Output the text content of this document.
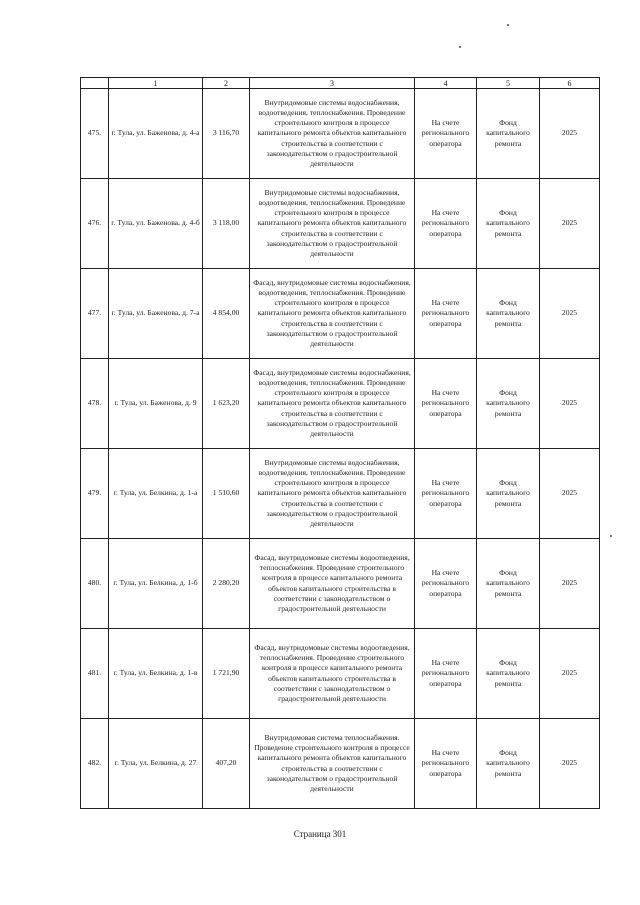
	1	2	3	4	5	6
475.	г. Тула, ул. Баженова, д. 4-а	3 116,70	Внутридомовые системы водоснабжения, водоотведения, теплоснабжения. Проведение строительного контроля в процессе капитального ремонта объектов капитального строительства в соответствии с законодательством о градостроительной деятельности	На счете регионального оператора	Фонд капитального ремонта	2025
476.	г. Тула, ул. Баженова, д. 4-б	3 118,00	Внутридомовые системы водоснабжения, водоотведения, теплоснабжения. Проведение строительного контроля в процессе капитального ремонта объектов капитального строительства в соответствии с законодательством о градостроительной деятельности	На счете регионального оператора	Фонд капитального ремонта	2025
477.	г. Тула, ул. Баженова, д. 7-а	4 854,00	Фасад, внутридомовые системы водоснабжения, водоотведения, теплоснабжения. Проведение строительного контроля в процессе капитального ремонта объектов капитального строительства в соответствии с законодательством о градостроительной деятельности	На счете регионального оператора	Фонд капитального ремонта	2025
478.	г. Тула, ул. Баженова, д. 9	1 623,20	Фасад, внутридомовые системы водоснабжения, водоотведения, теплоснабжения. Проведение строительного контроля в процессе капитального ремонта объектов капитального строительства в соответствии с законодательством о градостроительной деятельности	На счете регионального оператора	Фонд капитального ремонта	2025
479.	г. Тула, ул. Белкина, д. 1-а	1 510,60	Внутридомовые системы водоснабжения, водоотведения, теплоснабжения. Проведение строительного контроля в процессе капитального ремонта объектов капитального строительства в соответствии с законодательством о градостроительной деятельности	На счете регионального оператора	Фонд капитального ремонта	2025
480.	г. Тула, ул. Белкина, д. 1-б	2 280,20	Фасад, внутридомовые системы водоотведения, теплоснабжения. Проведение строительного контроля в процессе капитального ремонта объектов капитального строительства в соответствии с законодательством о градостроительной деятельности	На счете регионального оператора	Фонд капитального ремонта	2025
481.	г. Тула, ул. Белкина, д. 1-в	1 721,90	Фасад, внутридомовые системы водоотведения, теплоснабжения. Проведение строительного контроля в процессе капитального ремонта объектов капитального строительства в соответствии с законодательством о градостроительной деятельности	На счете регионального оператора	Фонд капитального ремонта	2025
482.	г. Тула, ул. Белкина, д. 27	407,20	Внутридомовая система теплоснабжения. Проведение строительного контроля в процессе капитального ремонта объектов капитального строительства в соответствии с законодательством о градостроительной деятельности	На счете регионального оператора	Фонд капитального ремонта	2025
Страница 301
